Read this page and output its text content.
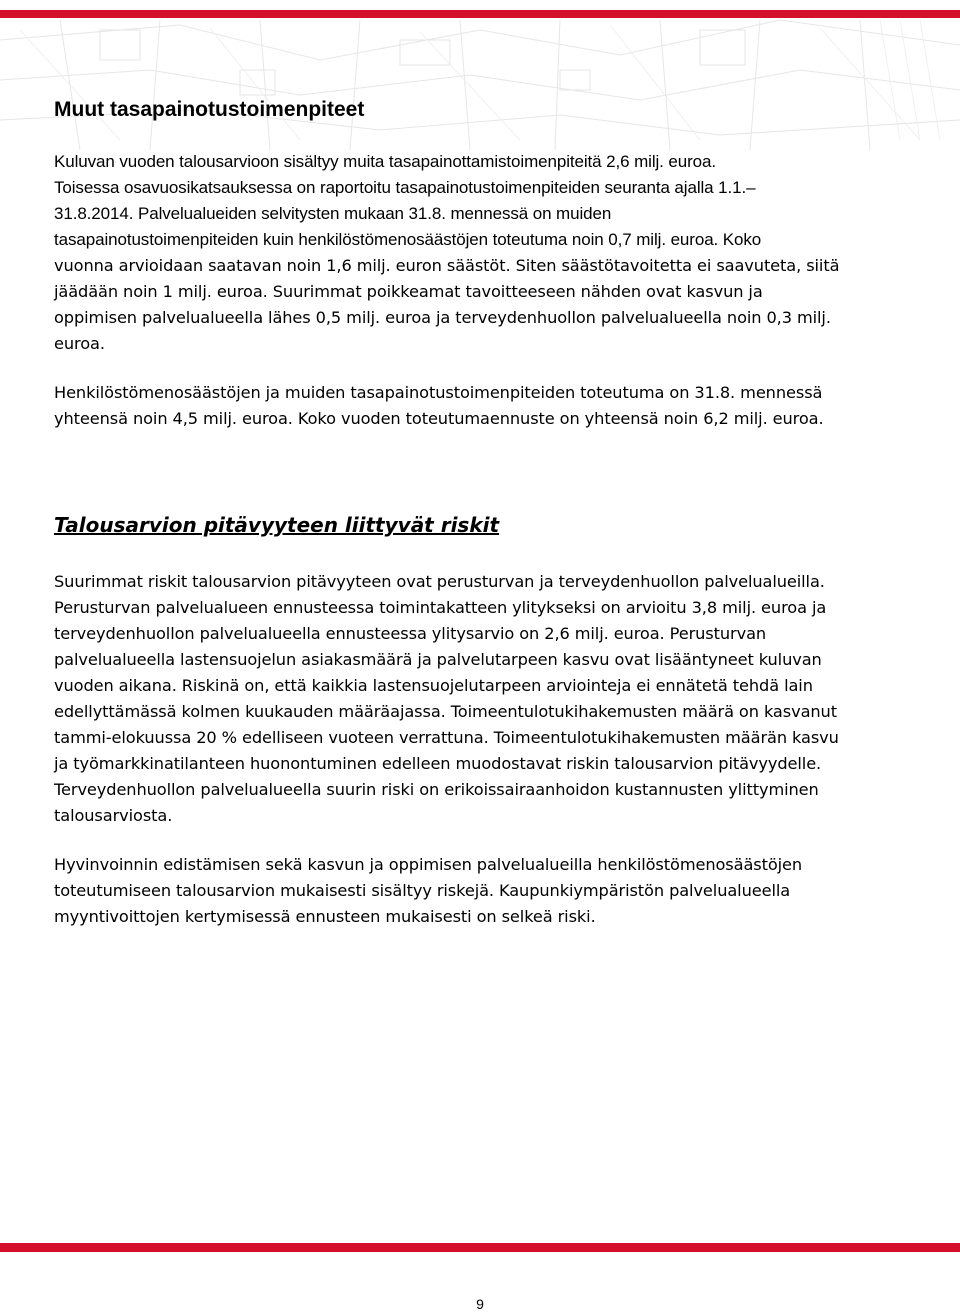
Muut tasapainotustoimenpiteet

Kuluvan vuoden talousarvioon sisältyy muita tasapainottamistoimenpiteitä 2,6 milj. euroa.

Toisessa osavuosikatsauksessa on raportoitu tasapainotustoimenpiteiden seuranta ajalla 1.1.–

31.8.2014. Palvelualueiden selvitysten mukaan 31.8. mennessä on muiden

tasapainotustoimenpiteiden kuin henkilöstömenosäästöjen toteutuma noin 0,7 milj. euroa. Koko

vuonna arvioidaan saatavan noin 1,6 milj. euron säästöt. Siten säästötavoitetta ei saavuteta, siitä

jäädään noin 1 milj. euroa. Suurimmat poikkeamat tavoitteeseen nähden ovat kasvun ja

oppimisen palvelualueella lähes 0,5 milj. euroa ja terveydenhuollon palvelualueella noin 0,3 milj.

euroa.

Henkilöstömenosäästöjen ja muiden tasapainotustoimenpiteiden toteutuma on 31.8. mennessä

yhteensä noin 4,5 milj. euroa. Koko vuoden toteutumaennuste on yhteensä noin 6,2 milj. euroa.

Talousarvion pitävyyteen liittyvät riskit

Suurimmat riskit talousarvion pitävyyteen ovat perusturvan ja terveydenhuollon palvelualueilla.

Perusturvan palvelualueen ennusteessa toimintakatteen ylitykseksi on arvioitu 3,8 milj. euroa ja

terveydenhuollon palvelualueella ennusteessa ylitysarvio on 2,6 milj. euroa. Perusturvan

palvelualueella lastensuojelun asiakasmäärä ja palvelutarpeen kasvu ovat lisääntyneet kuluvan

vuoden aikana. Riskinä on, että kaikkia lastensuojelutarpeen arviointeja ei ennätetä tehdä lain

edellyttämässä kolmen kuukauden määräajassa. Toimeentulotukihakemusten määrä on kasvanut

tammi-elokuussa 20 % edelliseen vuoteen verrattuna. Toimeentulotukihakemusten määrän kasvu

ja työmarkkinatilanteen huonontuminen edelleen muodostavat riskin talousarvion pitävyydelle.

Terveydenhuollon palvelualueella suurin riski on erikoissairaanhoidon kustannusten ylittyminen

talousarviosta.

Hyvinvoinnin edistämisen sekä kasvun ja oppimisen palvelualueilla henkilöstömenosäästöjen

toteutumiseen talousarvion mukaisesti sisältyy riskejä. Kaupunkiympäristön palvelualueella

myyntivoittojen kertymisessä ennusteen mukaisesti on selkeä riski.

9
